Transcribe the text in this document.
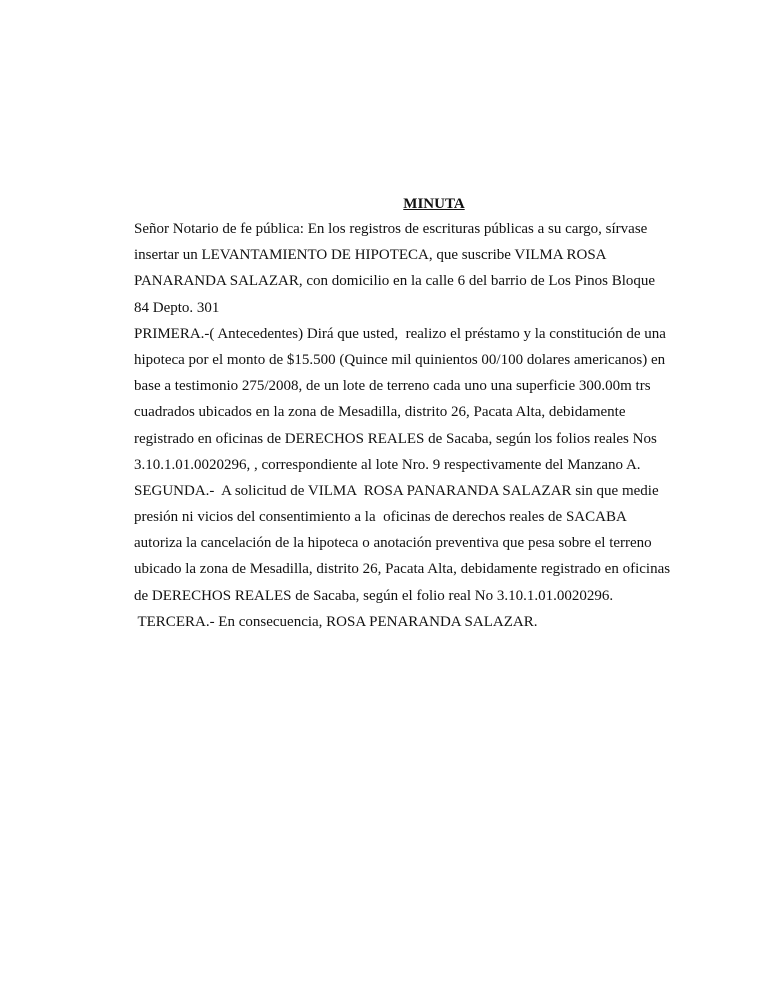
MINUTA
Señor Notario de fe pública: En los registros de escrituras públicas a su cargo, sírvase
insertar un LEVANTAMIENTO DE HIPOTECA, que suscribe VILMA ROSA
PANARANDA SALAZAR, con domicilio en la calle 6 del barrio de Los Pinos Bloque
84 Depto. 301
PRIMERA.-( Antecedentes) Dirá que usted,  realizo el préstamo y la constitución de una
hipoteca por el monto de $15.500 (Quince mil quinientos 00/100 dolares americanos) en
base a testimonio 275/2008, de un lote de terreno cada uno una superficie 300.00m trs
cuadrados ubicados en la zona de Mesadilla, distrito 26, Pacata Alta, debidamente
registrado en oficinas de DERECHOS REALES de Sacaba, según los folios reales Nos
3.10.1.01.0020296, , correspondiente al lote Nro. 9 respectivamente del Manzano A.
SEGUNDA.-  A solicitud de VILMA  ROSA PANARANDA SALAZAR sin que medie
presión ni vicios del consentimiento a la  oficinas de derechos reales de SACABA
autoriza la cancelación de la hipoteca o anotación preventiva que pesa sobre el terreno
ubicado la zona de Mesadilla, distrito 26, Pacata Alta, debidamente registrado en oficinas
de DERECHOS REALES de Sacaba, según el folio real No 3.10.1.01.0020296.
TERCERA.- En consecuencia, ROSA PENARANDA SALAZAR.
